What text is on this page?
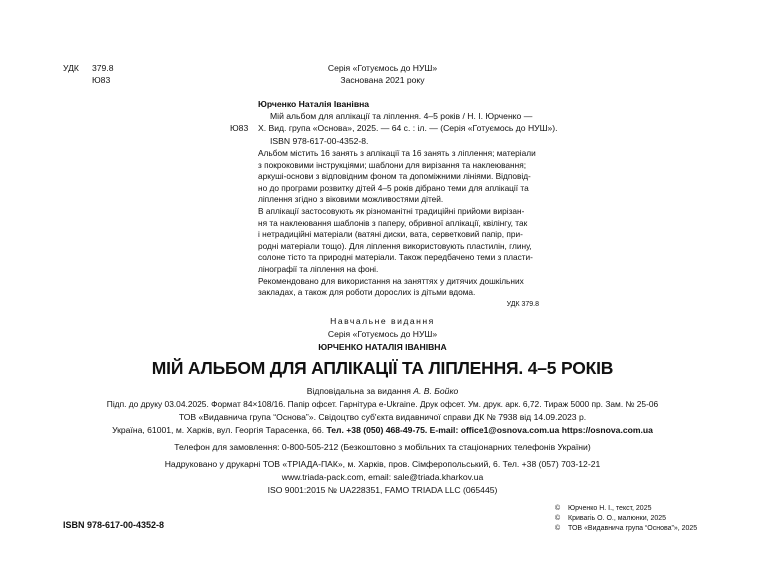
УДК 379.8
Ю83
Серія «Готуємось до НУШ»
Заснована 2021 року
Юрченко Наталія Іванівна
Мій альбом для аплікації та ліплення. 4–5 років / Н. І. Юрченко —
Ю83 Х. Вид. група «Основа», 2025. — 64 с. : іл. — (Серія «Готуємось до НУШ»).
ISBN 978-617-00-4352-8.

Альбом містить 16 занять з аплікації та 16 занять з ліплення; матеріали

з покроковими інструкціями; шаблони для вирізання та наклеювання;

аркуші-основи з відповідним фоном та допоміжними лініями. Відповід-

но до програми розвитку дітей 4–5 років дібрано теми для аплікації та

ліплення згідно з віковими можливостями дітей.

В аплікації застосовують як різноманітні традиційні прийоми вирізан-

ня та наклеювання шаблонів з паперу, обривної аплікації, квілінгу, так

і нетрадиційні матеріали (ватяні диски, вата, серветковий папір, при-

родні матеріали тощо). Для ліплення використовують пластилін, глину,

солоне тісто та природні матеріали. Також передбачено теми з пласти-

лінографії та ліплення на фоні.

Рекомендовано для використання на заняттях у дитячих дошкільних

закладах, а також для роботи дорослих із дітьми вдома.

УДК 379.8
Навчальне видання
Серія «Готуємось до НУШ»
ЮРЧЕНКО НАТАЛІЯ ІВАНІВНА
МІЙ АЛЬБОМ ДЛЯ АПЛІКАЦІЇ ТА ЛІПЛЕННЯ. 4–5 РОКІВ
Відповідальна за видання А. В. Бойко
Підп. до друку 03.04.2025. Формат 84×108/16. Папір офсет. Гарнітура e-Ukraine. Друк офсет. Ум. друк. арк. 6,72. Тираж 5000 пр. Зам. № 25-06
ТОВ «Видавнича група “Основа”». Свідоцтво суб'єкта видавничої справи ДК № 7938 від 14.09.2023 р.
Україна, 61001, м. Харків, вул. Георгія Тарасенка, 66. Тел. +38 (050) 468-49-75. E-mail: office1@osnova.com.ua https://osnova.com.ua
Телефон для замовлення: 0-800-505-212 (Безкоштовно з мобільних та стаціонарних телефонів України)
Надруковано у друкарні ТОВ «ТРІАДА-ПАК», м. Харків, пров. Сімферопольський, 6. Тел. +38 (057) 703-12-21
www.triada-pack.com, email: sale@triada.kharkov.ua
ISO 9001:2015 № UA228351, FAMO TRIADA LLC (065445)
ISBN 978-617-00-4352-8
© Юрченко Н. І., текст, 2025
© Кривагіь О. О., малюнки, 2025
© ТОВ «Видавнича група “Основа”», 2025
